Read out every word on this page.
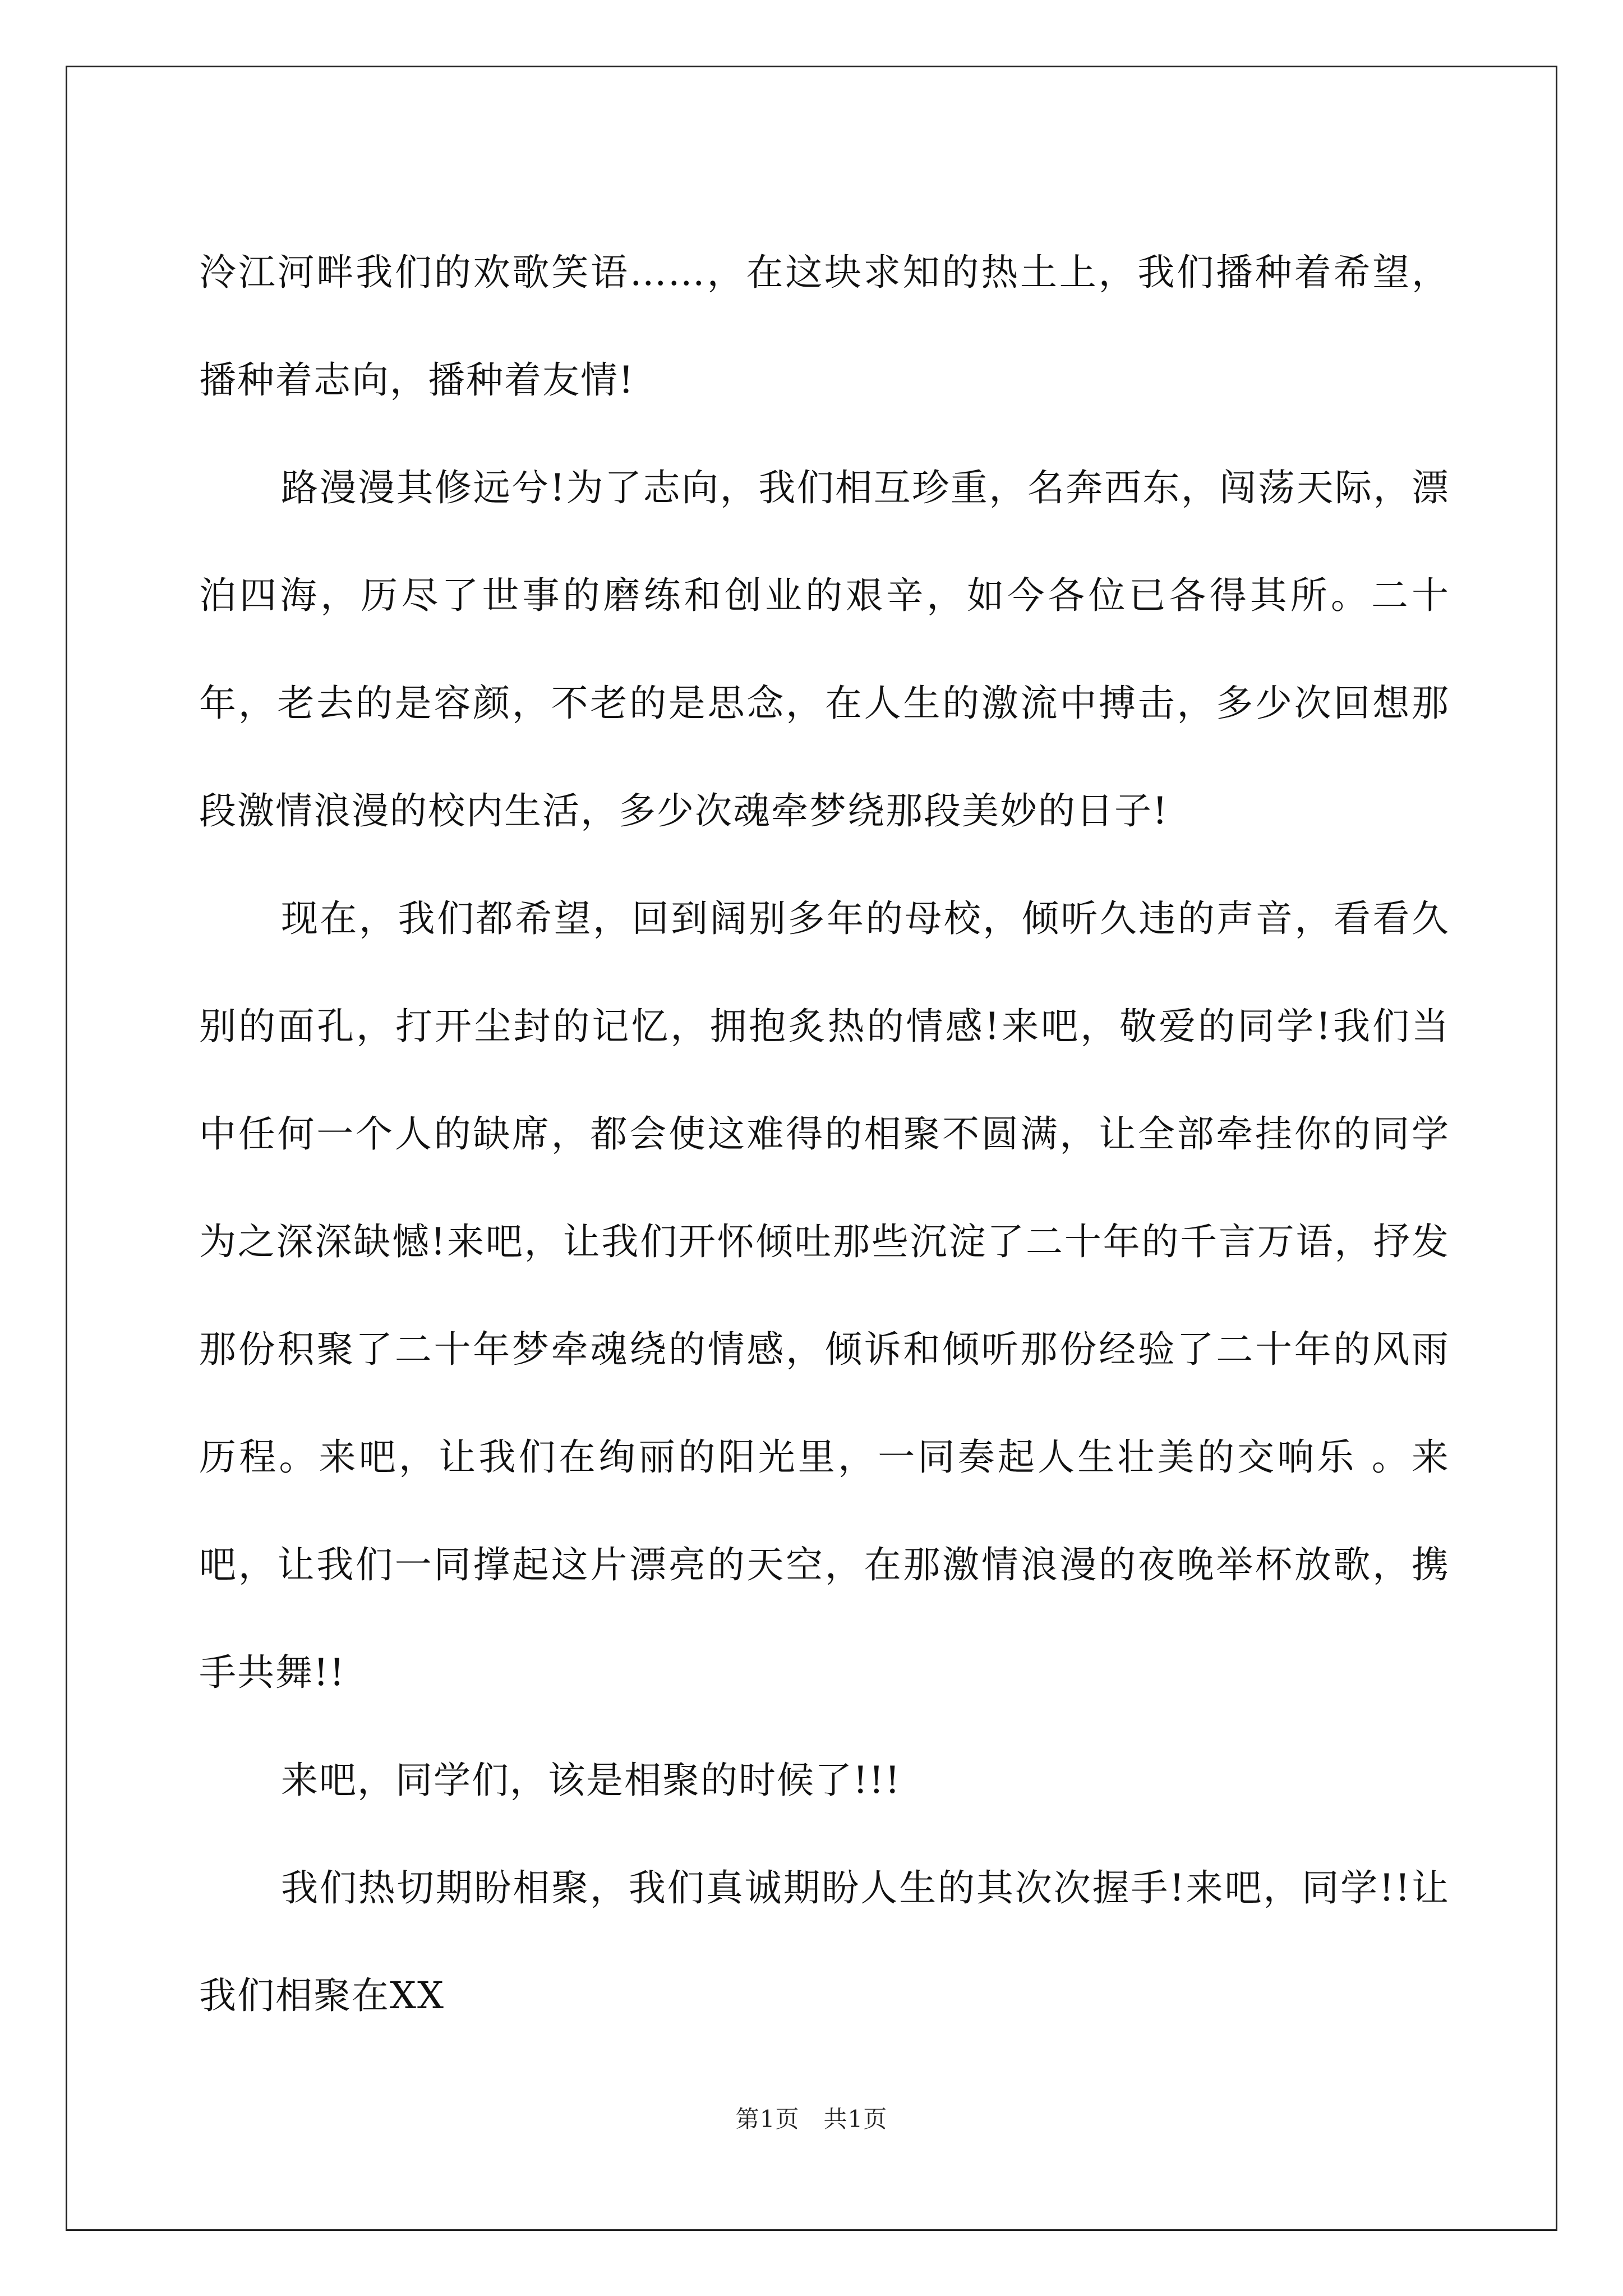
泠江河畔我们的欢歌笑语……，在这块求知的热土上，我们播种着希望，播种着志向，播种着友情!

路漫漫其修远兮!为了志向，我们相互珍重，名奔西东，闯荡天际，漂泊四海，历尽了世事的磨练和创业的艰辛，如今各位已各得其所。二十年，老去的是容颜，不老的是思念，在人生的激流中搏击，多少次回想那段激情浪漫的校内生活，多少次魂牵梦绕那段美妙的日子!

现在，我们都希望，回到阔别多年的母校，倾听久违的声音，看看久别的面孔，打开尘封的记忆，拥抱炙热的情感!来吧，敬爱的同学!我们当中任何一个人的缺席，都会使这难得的相聚不圆满，让全部牵挂你的同学为之深深缺憾!来吧，让我们开怀倾吐那些沉淀了二十年的千言万语，抒发那份积聚了二十年梦牵魂绕的情感，倾诉和倾听那份经验了二十年的风雨历程。来吧，让我们在绚丽的阳光里，一同奏起人生壮美的交响乐 。来吧，让我们一同撑起这片漂亮的天空，在那激情浪漫的夜晚举杯放歌，携手共舞!!

来吧，同学们，该是相聚的时候了!!!

我们热切期盼相聚，我们真诚期盼人生的其次次握手!来吧，同学!!让我们相聚在XX

第1页　共1页
